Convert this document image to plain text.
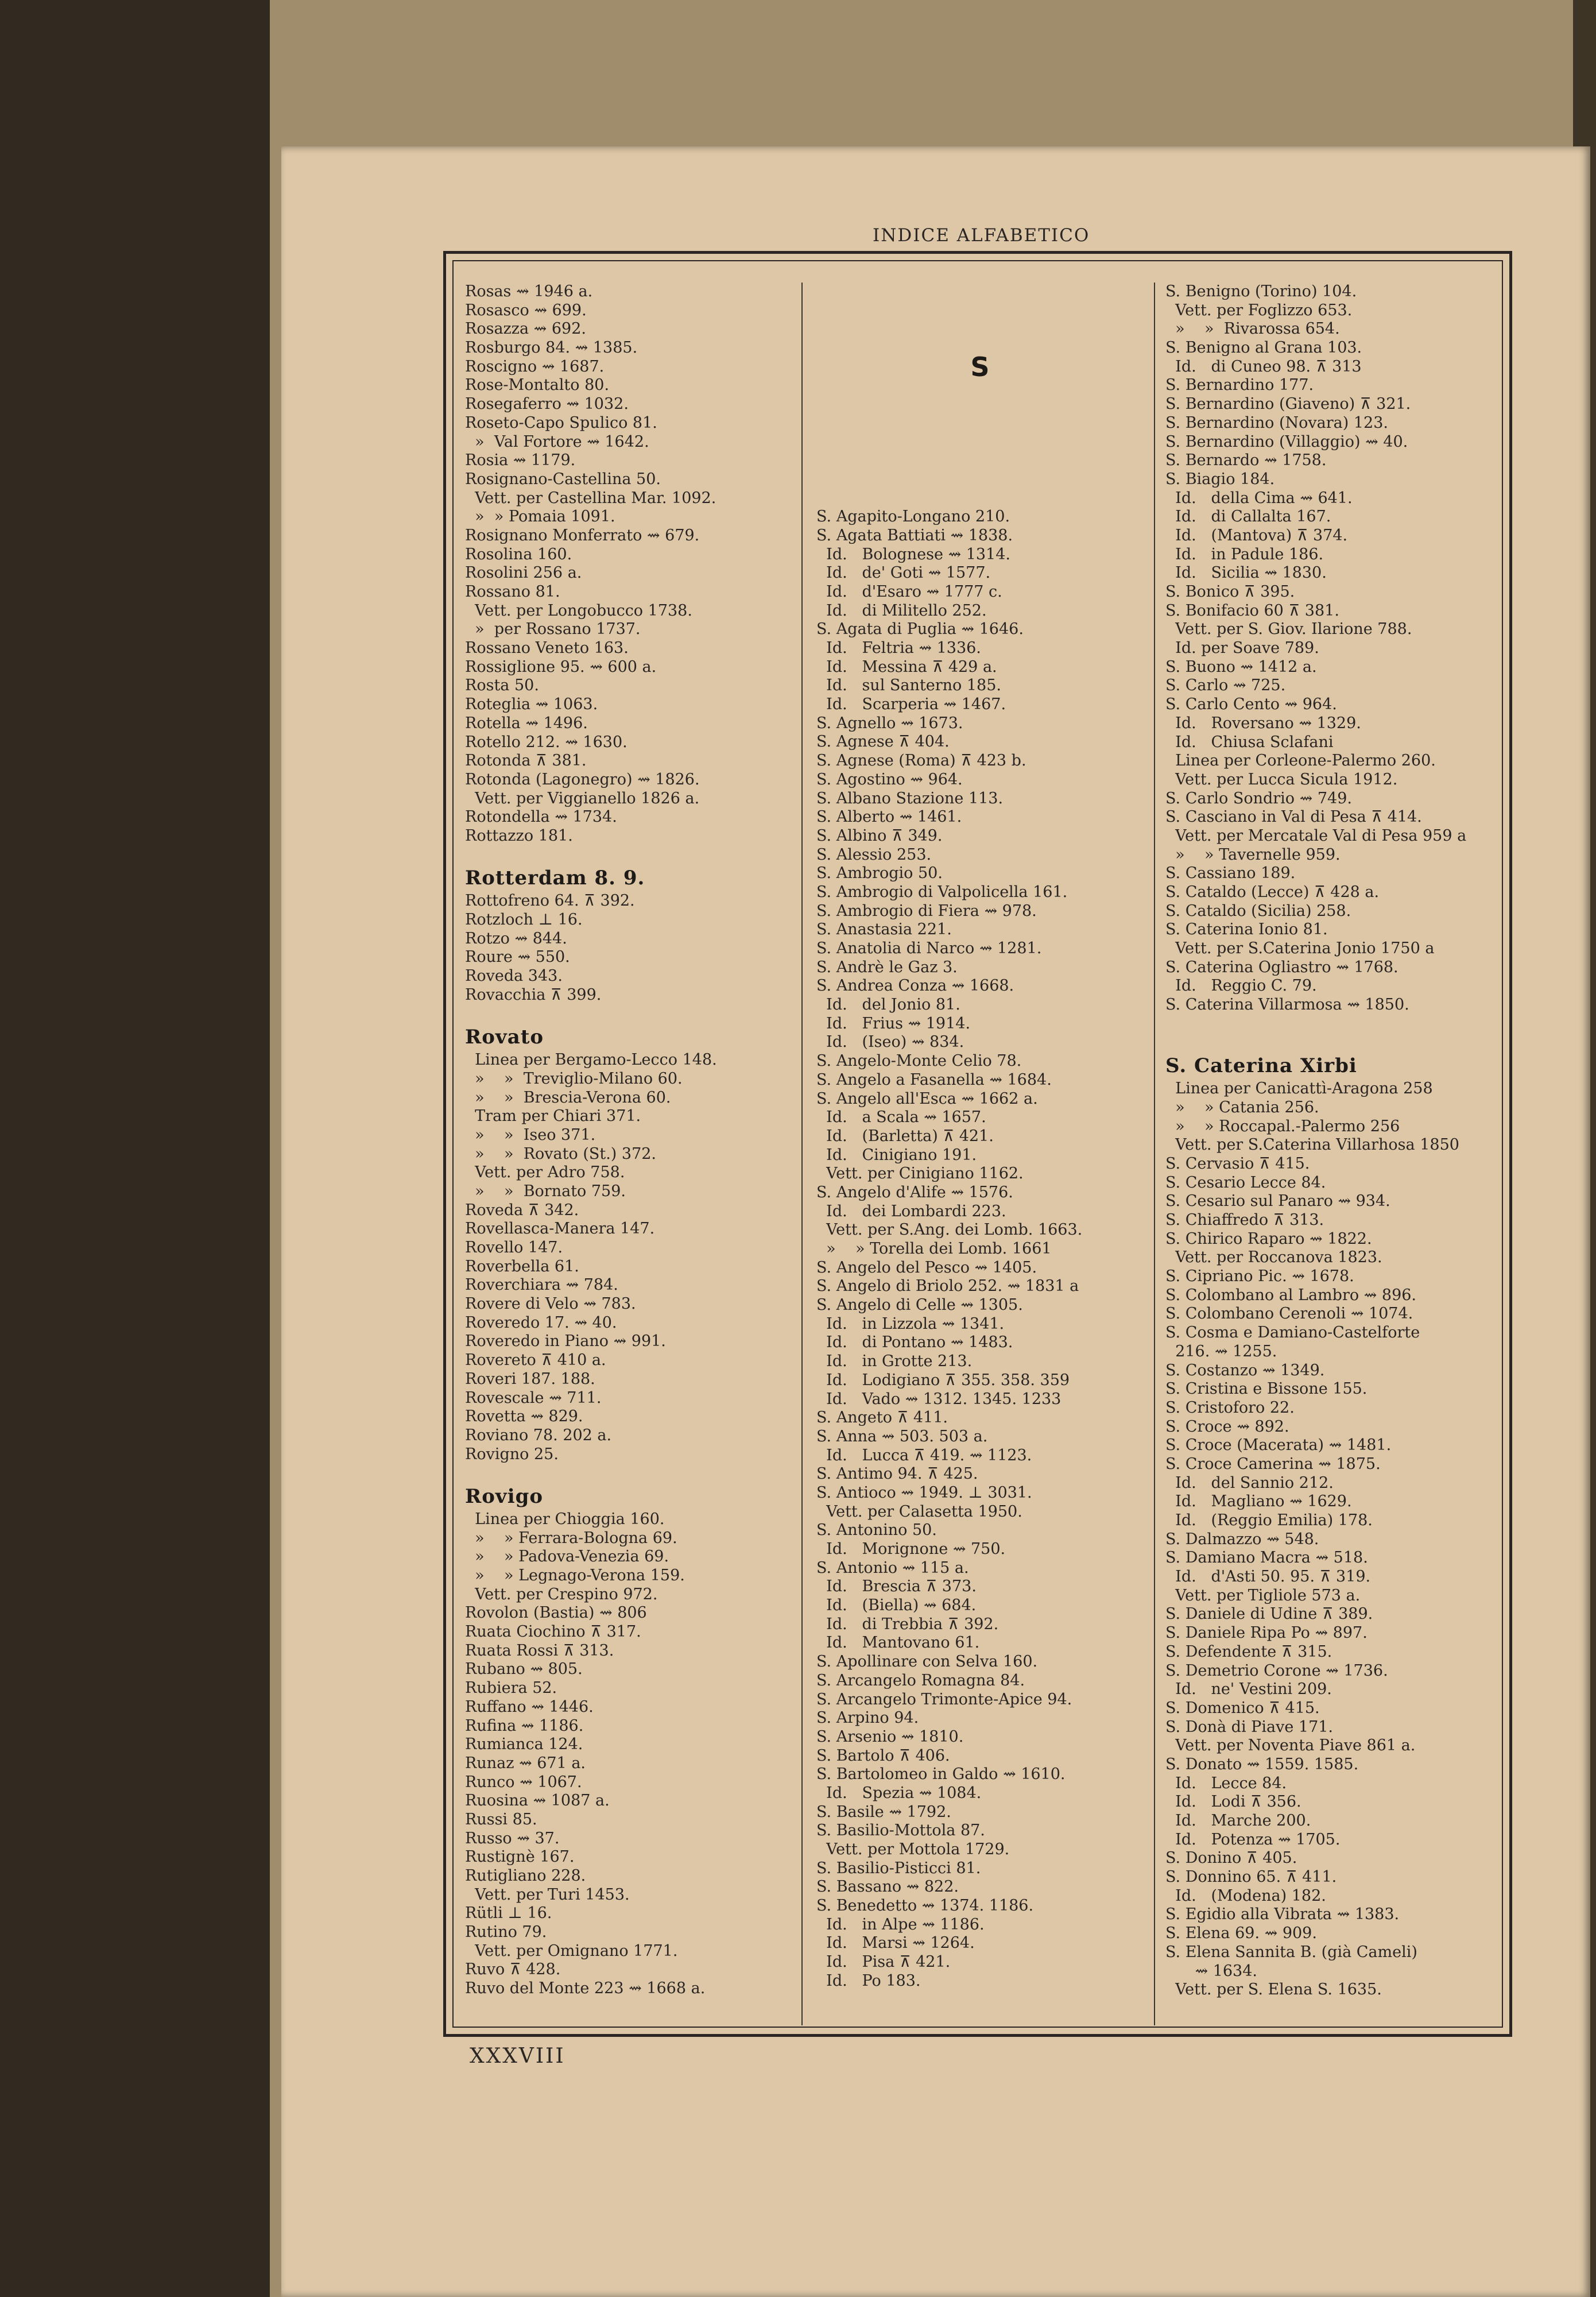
INDICE ALFABETICO
Rosas ⇝ 1946 a.
Rosasco ⇝ 699.
Rosazza ⇝ 692.
Rosburgo 84. ⇝ 1385.
Roscigno ⇝ 1687.
Rose-Montalto 80.
Rosegaferro ⇝ 1032.
Roseto-Capo Spulico 81.
»  Val Fortore ⇝ 1642.
Rosia ⇝ 1179.
Rosignano-Castellina 50.
Vett. per Castellina Mar. 1092.
»  » Pomaia 1091.
Rosignano Monferrato ⇝ 679.
Rosolina 160.
Rosolini 256 a.
Rossano 81.
Vett. per Longobucco 1738.
»  per Rossano 1737.
Rossano Veneto 163.
Rossiglione 95. ⇝ 600 a.
Rosta 50.
Roteglia ⇝ 1063.
Rotella ⇝ 1496.
Rotello 212. ⇝ 1630.
Rotonda ⊼ 381.
Rotonda (Lagonegro) ⇝ 1826.
Vett. per Viggianello 1826 a.
Rotondella ⇝ 1734.
Rottazzo 181.
Rotterdam 8. 9.
Rottofreno 64. ⊼ 392.
Rotzloch ⊥ 16.
Rotzo ⇝ 844.
Roure ⇝ 550.
Roveda 343.
Rovacchia ⊼ 399.
Rovato
Linea per Bergamo-Lecco 148.
»    »  Treviglio-Milano 60.
»    »  Brescia-Verona 60.
Tram per Chiari 371.
»    »  Iseo 371.
»    »  Rovato (St.) 372.
Vett. per Adro 758.
»    »  Bornato 759.
Roveda ⊼ 342.
Rovellasca-Manera 147.
Rovello 147.
Roverbella 61.
Roverchiara ⇝ 784.
Rovere di Velo ⇝ 783.
Roveredo 17. ⇝ 40.
Roveredo in Piano ⇝ 991.
Rovereto ⊼ 410 a.
Roveri 187. 188.
Rovescale ⇝ 711.
Rovetta ⇝ 829.
Roviano 78. 202 a.
Rovigno 25.
Rovigo
Linea per Chioggia 160.
»    » Ferrara-Bologna 69.
»    » Padova-Venezia 69.
»    » Legnago-Verona 159.
Vett. per Crespino 972.
Rovolon (Bastia) ⇝ 806
Ruata Ciochino ⊼ 317.
Ruata Rossi ⊼ 313.
Rubano ⇝ 805.
Rubiera 52.
Ruffano ⇝ 1446.
Rufina ⇝ 1186.
Rumianca 124.
Runaz ⇝ 671 a.
Runco ⇝ 1067.
Ruosina ⇝ 1087 a.
Russi 85.
Russo ⇝ 37.
Rustignè 167.
Rutigliano 228.
Vett. per Turi 1453.
Rütli ⊥ 16.
Rutino 79.
Vett. per Omignano 1771.
Ruvo ⊼ 428.
Ruvo del Monte 223 ⇝ 1668 a.
S
S. Agapito-Longano 210.
S. Agata Battiati ⇝ 1838.
Id.   Bolognese ⇝ 1314.
Id.   de' Goti ⇝ 1577.
Id.   d'Esaro ⇝ 1777 c.
Id.   di Militello 252.
S. Agata di Puglia ⇝ 1646.
Id.   Feltria ⇝ 1336.
Id.   Messina ⊼ 429 a.
Id.   sul Santerno 185.
Id.   Scarperia ⇝ 1467.
S. Agnello ⇝ 1673.
S. Agnese ⊼ 404.
S. Agnese (Roma) ⊼ 423 b.
S. Agostino ⇝ 964.
S. Albano Stazione 113.
S. Alberto ⇝ 1461.
S. Albino ⊼ 349.
S. Alessio 253.
S. Ambrogio 50.
S. Ambrogio di Valpolicella 161.
S. Ambrogio di Fiera ⇝ 978.
S. Anastasia 221.
S. Anatolia di Narco ⇝ 1281.
S. Andrè le Gaz 3.
S. Andrea Conza ⇝ 1668.
Id.   del Jonio 81.
Id.   Frius ⇝ 1914.
Id.   (Iseo) ⇝ 834.
S. Angelo-Monte Celio 78.
S. Angelo a Fasanella ⇝ 1684.
S. Angelo all'Esca ⇝ 1662 a.
Id.   a Scala ⇝ 1657.
Id.   (Barletta) ⊼ 421.
Id.   Cinigiano 191.
Vett. per Cinigiano 1162.
S. Angelo d'Alife ⇝ 1576.
Id.   dei Lombardi 223.
Vett. per S.Ang. dei Lomb. 1663.
»    » Torella dei Lomb. 1661
S. Angelo del Pesco ⇝ 1405.
S. Angelo di Briolo 252. ⇝ 1831 a
S. Angelo di Celle ⇝ 1305.
Id.   in Lizzola ⇝ 1341.
Id.   di Pontano ⇝ 1483.
Id.   in Grotte 213.
Id.   Lodigiano ⊼ 355. 358. 359
Id.   Vado ⇝ 1312. 1345. 1233
S. Angeto ⊼ 411.
S. Anna ⇝ 503. 503 a.
Id.   Lucca ⊼ 419. ⇝ 1123.
S. Antimo 94. ⊼ 425.
S. Antioco ⇝ 1949. ⊥ 3031.
Vett. per Calasetta 1950.
S. Antonino 50.
Id.   Morignone ⇝ 750.
S. Antonio ⇝ 115 a.
Id.   Brescia ⊼ 373.
Id.   (Biella) ⇝ 684.
Id.   di Trebbia ⊼ 392.
Id.   Mantovano 61.
S. Apollinare con Selva 160.
S. Arcangelo Romagna 84.
S. Arcangelo Trimonte-Apice 94.
S. Arpino 94.
S. Arsenio ⇝ 1810.
S. Bartolo ⊼ 406.
S. Bartolomeo in Galdo ⇝ 1610.
Id.   Spezia ⇝ 1084.
S. Basile ⇝ 1792.
S. Basilio-Mottola 87.
Vett. per Mottola 1729.
S. Basilio-Pisticci 81.
S. Bassano ⇝ 822.
S. Benedetto ⇝ 1374. 1186.
Id.   in Alpe ⇝ 1186.
Id.   Marsi ⇝ 1264.
Id.   Pisa ⊼ 421.
Id.   Po 183.
S. Benigno (Torino) 104.
Vett. per Foglizzo 653.
»    »  Rivarossa 654.
S. Benigno al Grana 103.
Id.   di Cuneo 98. ⊼ 313
S. Bernardino 177.
S. Bernardino (Giaveno) ⊼ 321.
S. Bernardino (Novara) 123.
S. Bernardino (Villaggio) ⇝ 40.
S. Bernardo ⇝ 1758.
S. Biagio 184.
Id.   della Cima ⇝ 641.
Id.   di Callalta 167.
Id.   (Mantova) ⊼ 374.
Id.   in Padule 186.
Id.   Sicilia ⇝ 1830.
S. Bonico ⊼ 395.
S. Bonifacio 60 ⊼ 381.
Vett. per S. Giov. Ilarione 788.
Id. per Soave 789.
S. Buono ⇝ 1412 a.
S. Carlo ⇝ 725.
S. Carlo Cento ⇝ 964.
Id.   Roversano ⇝ 1329.
Id.   Chiusa Sclafani
Linea per Corleone-Palermo 260.
Vett. per Lucca Sicula 1912.
S. Carlo Sondrio ⇝ 749.
S. Casciano in Val di Pesa ⊼ 414.
Vett. per Mercatale Val di Pesa 959 a
»    » Tavernelle 959.
S. Cassiano 189.
S. Cataldo (Lecce) ⊼ 428 a.
S. Cataldo (Sicilia) 258.
S. Caterina Ionio 81.
Vett. per S.Caterina Jonio 1750 a
S. Caterina Ogliastro ⇝ 1768.
Id.   Reggio C. 79.
S. Caterina Villarmosa ⇝ 1850.
S. Caterina Xirbi
Linea per Canicattì-Aragona 258
»    » Catania 256.
»    » Roccapal.-Palermo 256
Vett. per S.Caterina Villarhosa 1850
S. Cervasio ⊼ 415.
S. Cesario Lecce 84.
S. Cesario sul Panaro ⇝ 934.
S. Chiaffredo ⊼ 313.
S. Chirico Raparo ⇝ 1822.
Vett. per Roccanova 1823.
S. Cipriano Pic. ⇝ 1678.
S. Colombano al Lambro ⇝ 896.
S. Colombano Cerenoli ⇝ 1074.
S. Cosma e Damiano-Castelforte
216. ⇝ 1255.
S. Costanzo ⇝ 1349.
S. Cristina e Bissone 155.
S. Cristoforo 22.
S. Croce ⇝ 892.
S. Croce (Macerata) ⇝ 1481.
S. Croce Camerina ⇝ 1875.
Id.   del Sannio 212.
Id.   Magliano ⇝ 1629.
Id.   (Reggio Emilia) 178.
S. Dalmazzo ⇝ 548.
S. Damiano Macra ⇝ 518.
Id.   d'Asti 50. 95. ⊼ 319.
Vett. per Tigliole 573 a.
S. Daniele di Udine ⊼ 389.
S. Daniele Ripa Po ⇝ 897.
S. Defendente ⊼ 315.
S. Demetrio Corone ⇝ 1736.
Id.   ne' Vestini 209.
S. Domenico ⊼ 415.
S. Donà di Piave 171.
Vett. per Noventa Piave 861 a.
S. Donato ⇝ 1559. 1585.
Id.   Lecce 84.
Id.   Lodi ⊼ 356.
Id.   Marche 200.
Id.   Potenza ⇝ 1705.
S. Donino ⊼ 405.
S. Donnino 65. ⊼ 411.
Id.   (Modena) 182.
S. Egidio alla Vibrata ⇝ 1383.
S. Elena 69. ⇝ 909.
S. Elena Sannita B. (già Cameli)
⇝ 1634.
Vett. per S. Elena S. 1635.
XXXVIII
